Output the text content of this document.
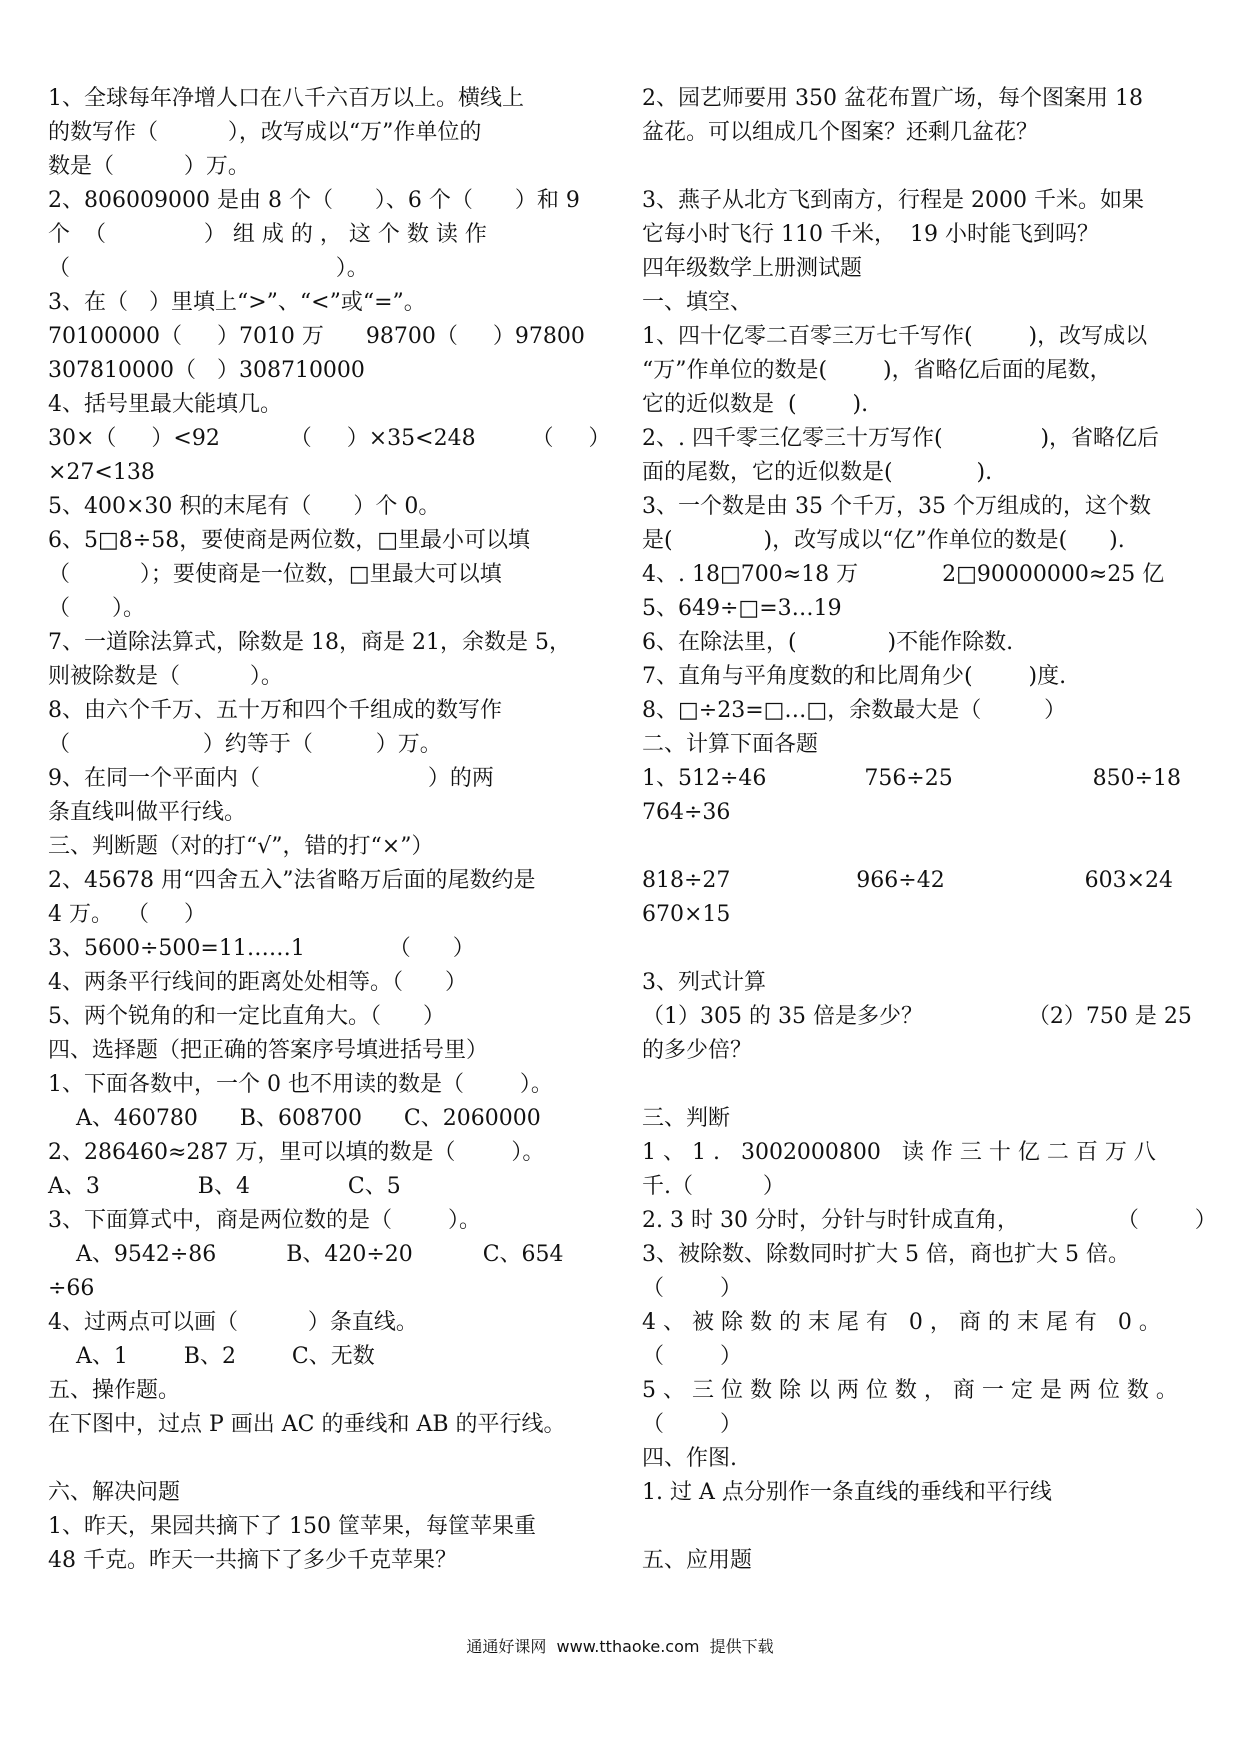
1、全球每年净增人口在八千六百万以上。横线上
的数写作（          ），改写成以“万”作单位的
数是（          ）万。
2、806009000 是由 8 个（      ）、6 个（      ）和 9
个  （              ） 组 成 的 ， 这 个 数 读 作
（                                      ）。
3、在（   ）里填上“>”、“<”或“=”。
70100000（     ）7010 万      98700（     ）97800
307810000（   ）308710000
4、括号里最大能填几。
30×（     ）<92          （     ）×35<248        （     ）
×27<138
5、400×30 积的末尾有（      ）个 0。
6、5□8÷58，要使商是两位数，□里最小可以填
（          ）；要使商是一位数，□里最大可以填
（      ）。
7、一道除法算式，除数是 18，商是 21，余数是 5，
则被除数是（          ）。
8、由六个千万、五十万和四个千组成的数写作
（                   ）约等于（         ）万。
9、在同一个平面内（                        ）的两
条直线叫做平行线。
三、判断题（对的打“√”，错的打“×”）
2、45678 用“四舍五入”法省略万后面的尾数约是
4 万。  （     ）
3、5600÷500=11……1            （      ）
4、两条平行线间的距离处处相等。（      ）
5、两个锐角的和一定比直角大。（      ）
四、选择题（把正确的答案序号填进括号里）
1、下面各数中，一个 0 也不用读的数是（        ）。
A、460780      B、608700      C、2060000
2、286460≈287 万，里可以填的数是（        ）。
A、3              B、4              C、5
3、下面算式中，商是两位数的是（        ）。
A、9542÷86          B、420÷20          C、654
÷66
4、过两点可以画（          ）条直线。
A、1        B、2        C、无数
五、操作题。
在下图中，过点 P 画出 AC 的垂线和 AB 的平行线。
六、解决问题
1、昨天，果园共摘下了 150 筐苹果，每筐苹果重
48 千克。昨天一共摘下了多少千克苹果？
2、园艺师要用 350 盆花布置广场，每个图案用 18
盆花。可以组成几个图案？还剩几盆花？
3、燕子从北方飞到南方，行程是 2000 千米。如果
它每小时飞行 110 千米，  19 小时能飞到吗？
四年级数学上册测试题
一、填空、
1、四十亿零二百零三万七千写作(        )，改写成以
“万”作单位的数是(        )，省略亿后面的尾数，
它的近似数是  (        ).
2、. 四千零三亿零三十万写作(              )，省略亿后
面的尾数，它的近似数是(            ).
3、一个数是由 35 个千万，35 个万组成的，这个数
是(             )，改写成以“亿”作单位的数是(      ).
4、. 18□700≈18 万            2□90000000≈25 亿
5、649÷□=3…19
6、在除法里，(             )不能作除数.
7、直角与平角度数的和比周角少(        )度.
8、□÷23=□…□，余数最大是（         ）
二、计算下面各题
1、512÷46              756÷25                    850÷18
764÷36
818÷27                  966÷42                    603×24
670×15
3、列式计算
（1）305 的 35 倍是多少？               （2）750 是 25
的多少倍？
三、判断
1 、 1 .   3002000800   读 作 三 十 亿 二 百 万 八
千.（          ）
2. 3 时 30 分时，分针与时针成直角，              （        ）
3、被除数、除数同时扩大 5 倍，商也扩大 5 倍。
（        ）
4 、 被 除 数 的 末 尾 有   0 ， 商 的 末 尾 有   0 。
（        ）
5 、 三 位 数 除 以 两 位 数 ， 商 一 定 是 两 位 数 。
（        ）
四、作图.
1. 过 A 点分别作一条直线的垂线和平行线
五、应用题
通通好课网  www.tthaoke.com  提供下载
